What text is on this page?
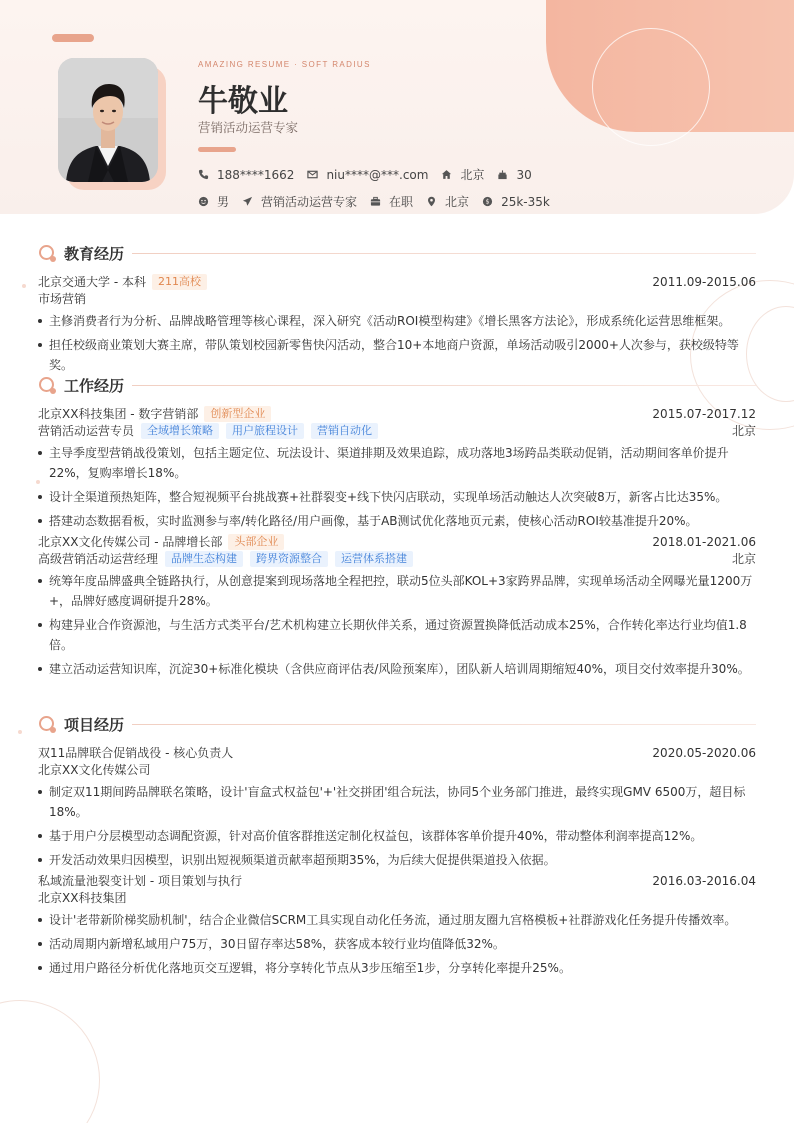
AMAZING RESUME · SOFT RADIUS
牛敬业
营销活动运营专家
188****1662	niu****@***.com	北京	30
男	营销活动运营专家	在职	北京 $ 25k-35k
教育经历
北京交通大学 - 本科	211高校	2011.09-2015.06
市场营销
主修消费者行为分析、品牌战略管理等核心课程，深入研究《活动ROI模型构建》《增长黑客方法论》，形成系统化运营思维框架。
担任校级商业策划大赛主席，带队策划校园新零售快闪活动，整合10+本地商户资源，单场活动吸引2000+人次参与，获校级特等奖。
工作经历
北京XX科技集团 - 数字营销部	创新型企业	2015.07-2017.12
营销活动运营专员	全域增长策略	用户旅程设计	营销自动化	北京
主导季度型营销战役策划，包括主题定位、玩法设计、渠道排期及效果追踪，成功落地3场跨品类联动促销，活动期间客单价提升22%，复购率增长18%。
设计全渠道预热矩阵，整合短视频平台挑战赛+社群裂变+线下快闪店联动，实现单场活动触达人次突破8万，新客占比达35%。
搭建动态数据看板，实时监测参与率/转化路径/用户画像，基于AB测试优化落地页元素，使核心活动ROI较基准提升20%。
北京XX文化传媒公司 - 品牌增长部	头部企业	2018.01-2021.06
高级营销活动运营经理	品牌生态构建	跨界资源整合	运营体系搭建	北京
统筹年度品牌盛典全链路执行，从创意提案到现场落地全程把控，联动5位头部KOL+3家跨界品牌，实现单场活动全网曝光量1200万+，品牌好感度调研提升28%。
构建异业合作资源池，与生活方式类平台/艺术机构建立长期伙伴关系，通过资源置换降低活动成本25%，合作转化率达行业均值1.8倍。
建立活动运营知识库，沉淀30+标准化模块（含供应商评估表/风险预案库），团队新人培训周期缩短40%，项目交付效率提升30%。
项目经历
双11品牌联合促销战役 - 核心负责人	2020.05-2020.06
北京XX文化传媒公司
制定双11期间跨品牌联名策略，设计'盲盒式权益包'+'社交拼团'组合玩法，协同5个业务部门推进，最终实现GMV 6500万，超目标18%。
基于用户分层模型动态调配资源，针对高价值客群推送定制化权益包，该群体客单价提升40%，带动整体利润率提高12%。
开发活动效果归因模型，识别出短视频渠道贡献率超预期35%，为后续大促提供渠道投入依据。
私域流量池裂变计划 - 项目策划与执行	2016.03-2016.04
北京XX科技集团
设计'老带新阶梯奖励机制'，结合企业微信SCRM工具实现自动化任务流，通过朋友圈九宫格模板+社群游戏化任务提升传播效率。
活动周期内新增私域用户75万，30日留存率达58%，获客成本较行业均值降低32%。
通过用户路径分析优化落地页交互逻辑，将分享转化节点从3步压缩至1步，分享转化率提升25%。
